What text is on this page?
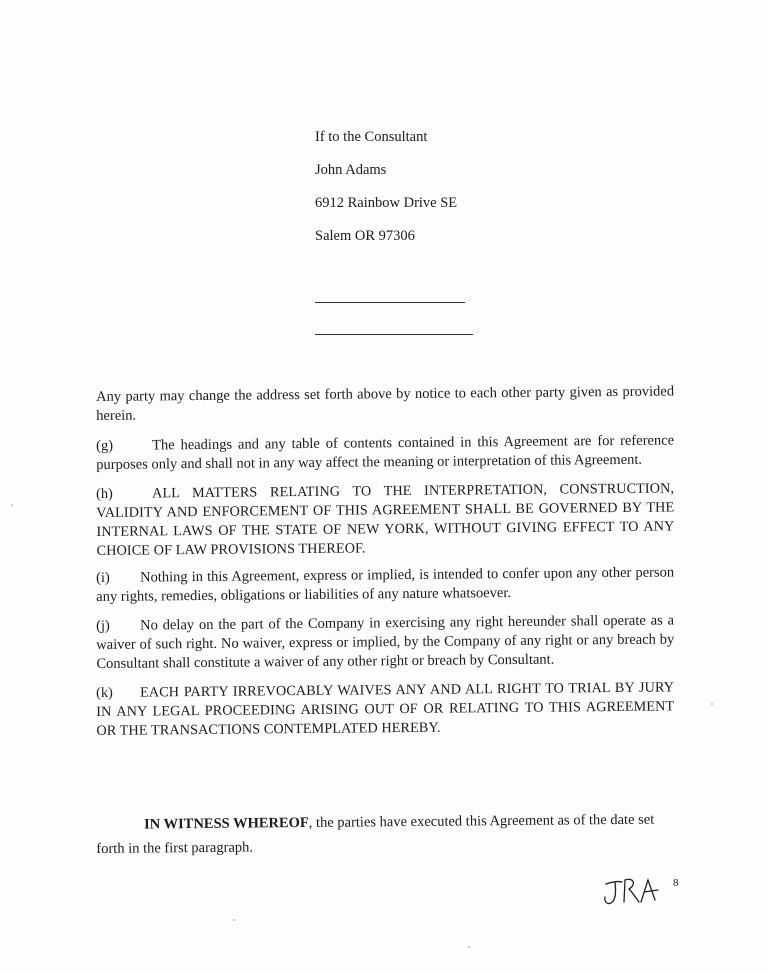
If to the Consultant
John Adams
6912 Rainbow Drive SE
Salem OR 97306
Any party may change the address set forth above by notice to each other party given as provided herein.
(g)	The headings and any table of contents contained in this Agreement are for reference purposes only and shall not in any way affect the meaning or interpretation of this Agreement.
(h)	ALL MATTERS RELATING TO THE INTERPRETATION, CONSTRUCTION, VALIDITY AND ENFORCEMENT OF THIS AGREEMENT SHALL BE GOVERNED BY THE INTERNAL LAWS OF THE STATE OF NEW YORK, WITHOUT GIVING EFFECT TO ANY CHOICE OF LAW PROVISIONS THEREOF.
(i) Nothing in this Agreement, express or implied, is intended to confer upon any other person any rights, remedies, obligations or liabilities of any nature whatsoever.
(j) No delay on the part of the Company in exercising any right hereunder shall operate as a waiver of such right. No waiver, express or implied, by the Company of any right or any breach by Consultant shall constitute a waiver of any other right or breach by Consultant.
(k) EACH PARTY IRREVOCABLY WAIVES ANY AND ALL RIGHT TO TRIAL BY JURY IN ANY LEGAL PROCEEDING ARISING OUT OF OR RELATING TO THIS AGREEMENT OR THE TRANSACTIONS CONTEMPLATED HEREBY.
IN WITNESS WHEREOF, the parties have executed this Agreement as of the date set forth in the first paragraph.
8
